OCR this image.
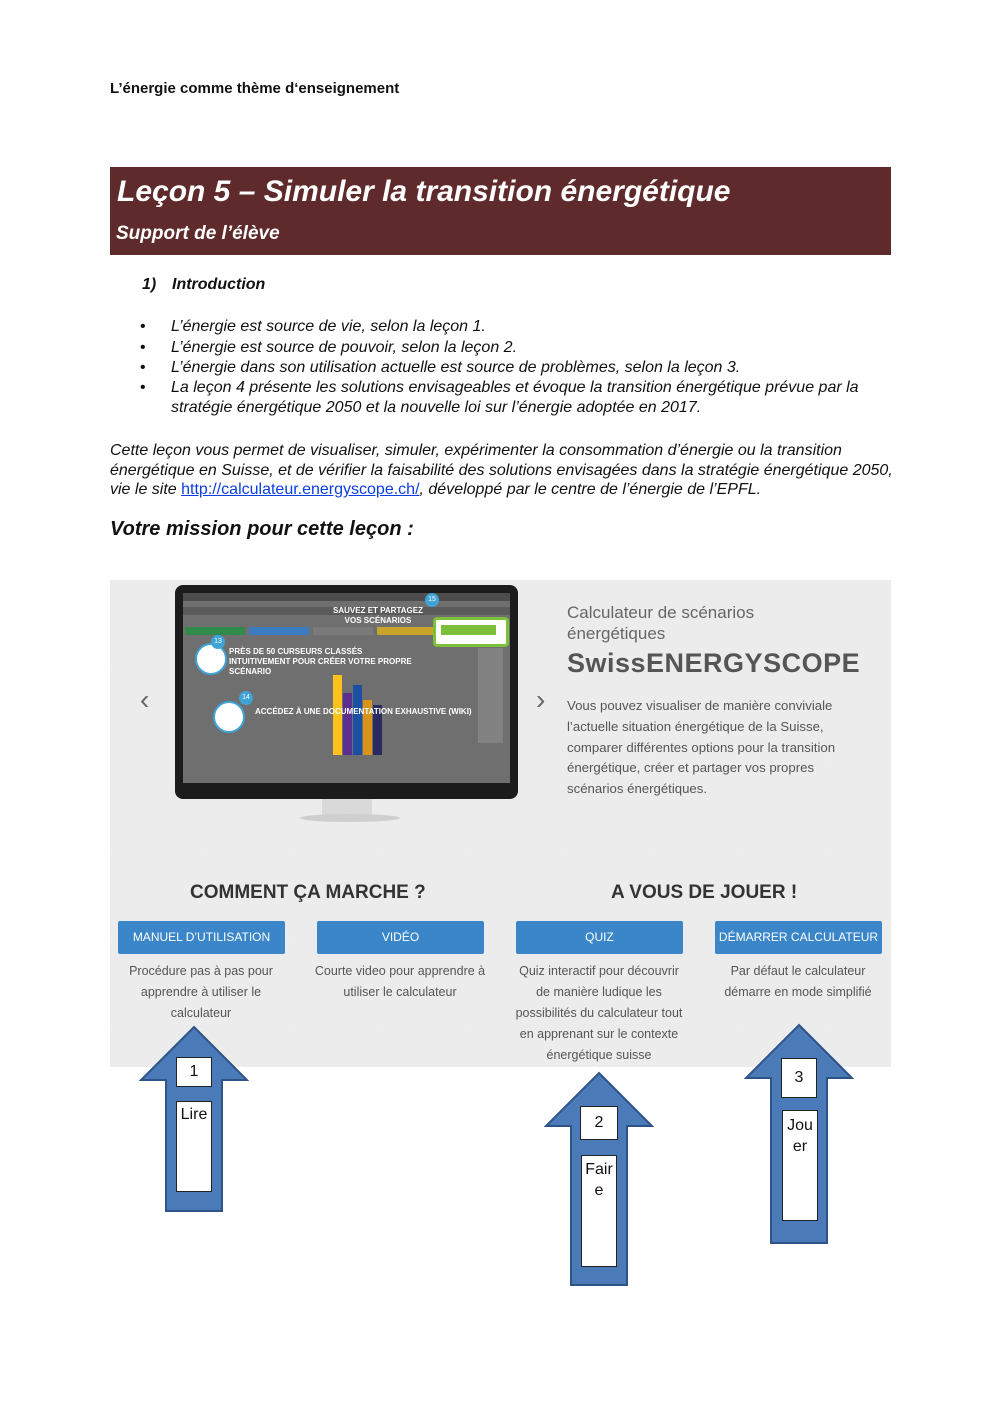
L’énergie comme thème d‘enseignement
Leçon 5 – Simuler la transition énergétique
Support de l’élève
1) Introduction
• L’énergie est source de vie, selon la leçon 1.
• L’énergie est source de pouvoir, selon la leçon 2.
• L’énergie dans son utilisation actuelle est source de problèmes, selon la leçon 3.
• La leçon 4 présente les solutions envisageables et évoque la transition énergétique prévue par la stratégie énergétique 2050 et la nouvelle loi sur l’énergie adoptée en 2017.
Cette leçon vous permet de visualiser, simuler, expérimenter la consommation d’énergie ou la transition énergétique en Suisse, et de vérifier la faisabilité des solutions envisagées dans la stratégie énergétique 2050, vie le site http://calculateur.energyscope.ch/, développé par le centre de l’énergie de l’EPFL.
Votre mission pour cette leçon :
13
14
15
SAUVEZ ET PARTAGEZ VOS SCÉNARIOS
PRÈS DE 50 CURSEURS CLASSÉS INTUITIVEMENT POUR CRÉER VOTRE PROPRE SCÉNARIO
ACCÉDEZ À UNE DOCUMENTATION EXHAUSTIVE (WIKI)
‹	›
Calculateur de scénarios énergétiques
SwissENERGYSCOPE
Vous pouvez visualiser de manière conviviale l’actuelle situation énergétique de la Suisse, comparer différentes options pour la transition énergétique, créer et partager vos propres scénarios énergétiques.
COMMENT ÇA MARCHE ?	A VOUS DE JOUER !
MANUEL D’UTILISATION	VIDÉO	QUIZ	DÉMARRER CALCULATEUR
Procédure pas à pas pour apprendre à utiliser le calculateur
Courte video pour apprendre à utiliser le calculateur
Quiz interactif pour découvrir de manière ludique les possibilités du calculateur tout en apprenant sur le contexte énergétique suisse
Par défaut le calculateur démarre en mode simplifié
1
Lire	2
Faire
3
Jouer
